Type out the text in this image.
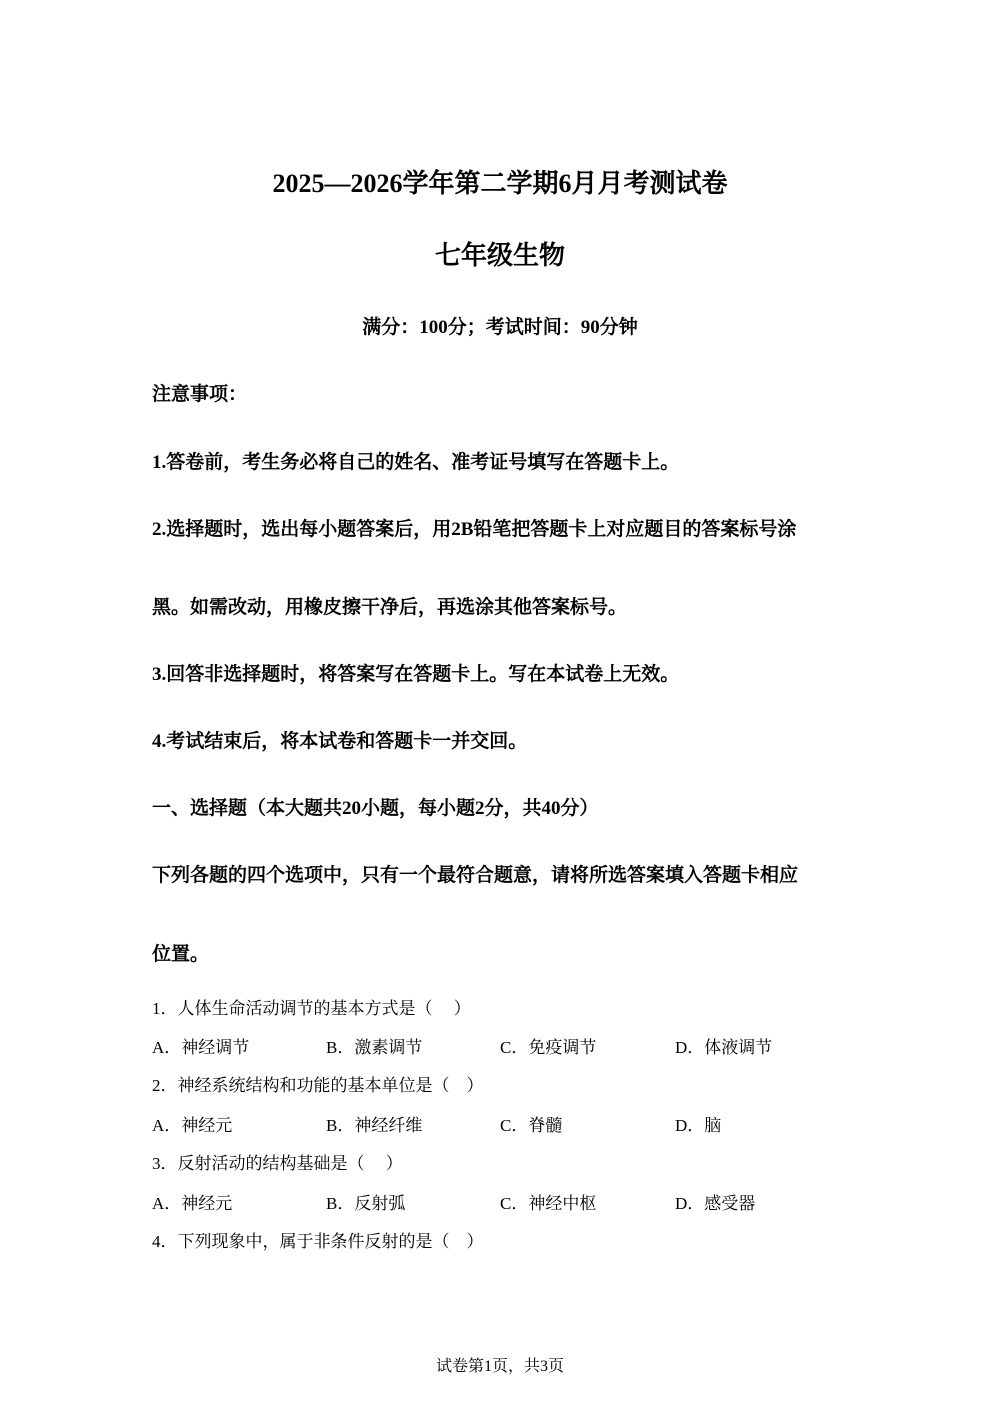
2025—2026学年第二学期6月月考测试卷
七年级生物
满分：100分；考试时间：90分钟
注意事项：
1.答卷前，考生务必将自己的姓名、准考证号填写在答题卡上。
2.选择题时，选出每小题答案后，用2B铅笔把答题卡上对应题目的答案标号涂
黑。如需改动，用橡皮擦干净后，再选涂其他答案标号。
3.回答非选择题时，将答案写在答题卡上。写在本试卷上无效。
4.考试结束后，将本试卷和答题卡一并交回。
一、选择题（本大题共20小题，每小题2分，共40分）
下列各题的四个选项中，只有一个最符合题意，请将所选答案填入答题卡相应
位置。
1．人体生命活动调节的基本方式是（　 ）
A．神经调节	B．激素调节	C．免疫调节	D．体液调节
2．神经系统结构和功能的基本单位是（　）
A．神经元	B．神经纤维	C．脊髓	D．脑
3．反射活动的结构基础是（　 ）
A．神经元	B．反射弧	C．神经中枢	D．感受器
4．下列现象中，属于非条件反射的是（　）
试卷第1页，共3页
